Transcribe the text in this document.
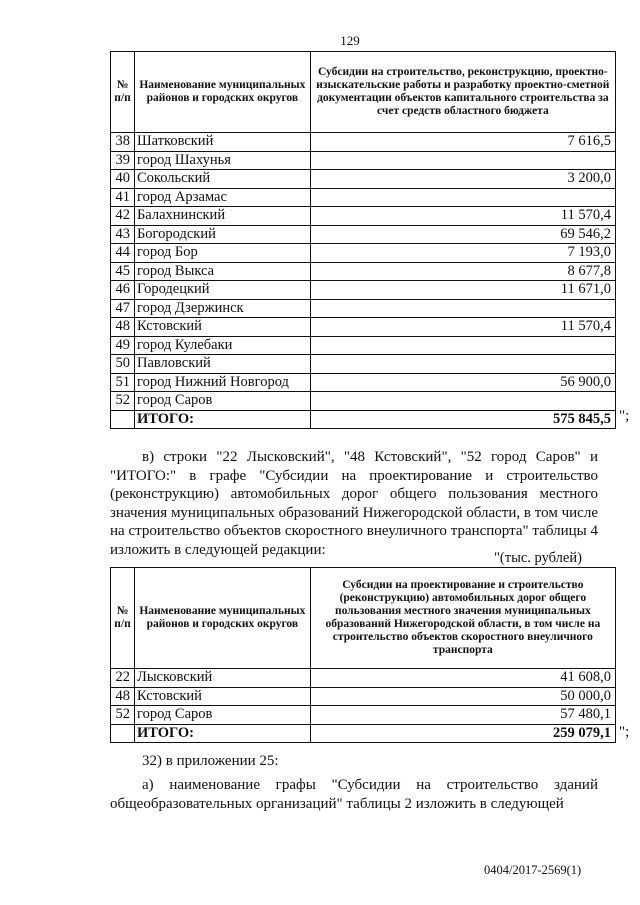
129
№ п/п	Наименование муниципальных районов и городских округов	Субсидии на строительство, реконструкцию, проектно-изыскательские работы и разработку проектно-сметной документации объектов капитального строительства за счет средств областного бюджета
38	Шатковский	7 616,5
39	город Шахунья	
40	Сокольский	3 200,0
41	город Арзамас	
42	Балахнинский	11 570,4
43	Богородский	69 546,2
44	город Бор	7 193,0
45	город Выкса	8 677,8
46	Городецкий	11 671,0
47	город Дзержинск	
48	Кстовский	11 570,4
49	город Кулебаки	
50	Павловский	
51	город Нижний Новгород	56 900,0
52	город Саров	
	ИТОГО:	575 845,5 ";
в) строки "22 Лысковский", "48 Кстовский", "52 город Саров" и "ИТОГО:" в графе "Субсидии на проектирование и строительство (реконструкцию) автомобильных дорог общего пользования местного значения муниципальных образований Нижегородской области, в том числе на строительство объектов скоростного внеуличного транспорта" таблицы 4 изложить в следующей редакции:
"(тыс. рублей)
№ п/п	Наименование муниципальных районов и городских округов	Субсидии на проектирование и строительство (реконструкцию) автомобильных дорог общего пользования местного значения муниципальных образований Нижегородской области, в том числе на строительство объектов скоростного внеуличного транспорта
22	Лысковский	41 608,0
48	Кстовский	50 000,0
52	город Саров	57 480,1
	ИТОГО:	259 079,1 ";
32) в приложении 25:
а) наименование графы "Субсидии на строительство зданий общеобразовательных организаций" таблицы 2 изложить в следующей
0404/2017-2569(1)
